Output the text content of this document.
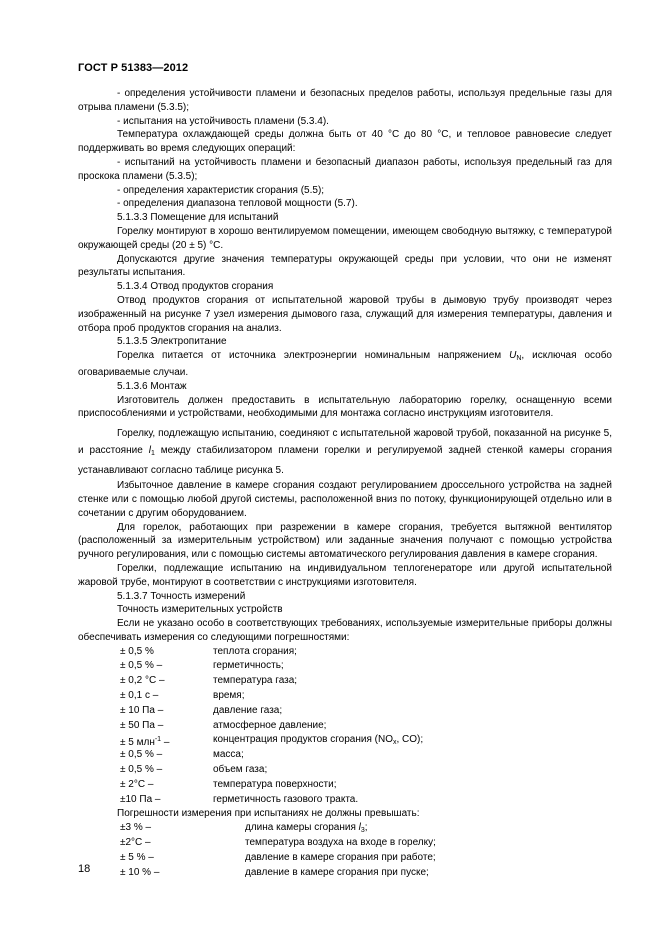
ГОСТ Р 51383—2012

- определения устойчивости пламени и безопасных пределов работы, используя предельные газы для отрыва пламени (5.3.5);

- испытания на устойчивость пламени (5.3.4).

Температура охлаждающей среды должна быть от 40 °С до 80 °С, и тепловое равновесие следует поддерживать во время следующих операций:

- испытаний на устойчивость пламени и безопасный диапазон работы, используя предельный газ для проскока пламени (5.3.5);

- определения характеристик сгорания (5.5);

- определения диапазона тепловой мощности (5.7).

5.1.3.3 Помещение для испытаний

Горелку монтируют в хорошо вентилируемом помещении, имеющем свободную вытяжку, с температурой окружающей среды (20 ± 5) °С.

Допускаются другие значения температуры окружающей среды при условии, что они не изменят результаты испытания.

5.1.3.4 Отвод продуктов сгорания

Отвод продуктов сгорания от испытательной жаровой трубы в дымовую трубу производят через изображенный на рисунке 7 узел измерения дымового газа, служащий для измерения температуры, давления и отбора проб продуктов сгорания на анализ.

5.1.3.5 Электропитание

Горелка питается от источника электроэнергии номинальным напряжением $U_N$, исключая особо оговариваемые случаи.

5.1.3.6 Монтаж

Изготовитель должен предоставить в испытательную лабораторию горелку, оснащенную всеми приспособлениями и устройствами, необходимыми для монтажа согласно инструкциям изготовителя.

Горелку, подлежащую испытанию, соединяют с испытательной жаровой трубой, показанной на рисунке 5, и расстояние $l_1$ между стабилизатором пламени горелки и регулируемой задней стенкой камеры сгорания устанавливают согласно таблице рисунка 5.

Избыточное давление в камере сгорания создают регулированием дроссельного устройства на задней стенке или с помощью любой другой системы, расположенной вниз по потоку, функционирующей отдельно или в сочетании с другим оборудованием.

Для горелок, работающих при разрежении в камере сгорания, требуется вытяжной вентилятор (расположенный за измерительным устройством) или заданные значения получают с помощью устройства ручного регулирования, или с помощью системы автоматического регулирования давления в камере сгорания.

Горелки, подлежащие испытанию на индивидуальном теплогенераторе или другой испытательной жаровой трубе, монтируют в соответствии с инструкциями изготовителя.

5.1.3.7 Точность измерений

Точность измерительных устройств

Если не указано особо в соответствующих требованиях, используемые измерительные приборы должны обеспечивать измерения со следующими погрешностями:

± 0,5 %	теплота сгорания;
± 0,5 % –	герметичность;
± 0,2 °С –	температура газа;
± 0,1 с –	время;
± 10 Па –	давление газа;
± 50 Па –	атмосферное давление;
± 5 млн$^{-1}$ –	концентрация продуктов сгорания ($NO_x$, CO);
± 0,5 % –	масса;
± 0,5 % –	объем газа;
± 2°С –	температура поверхности;
±10 Па –	герметичность газового тракта.

Погрешности измерения при испытаниях не должны превышать:

±3 % –	длина камеры сгорания $l_3$;
±2°С –	температура воздуха на входе в горелку;
± 5 % –	давление в камере сгорания при работе;
± 10 % –	давление в камере сгорания при пуске;
18
